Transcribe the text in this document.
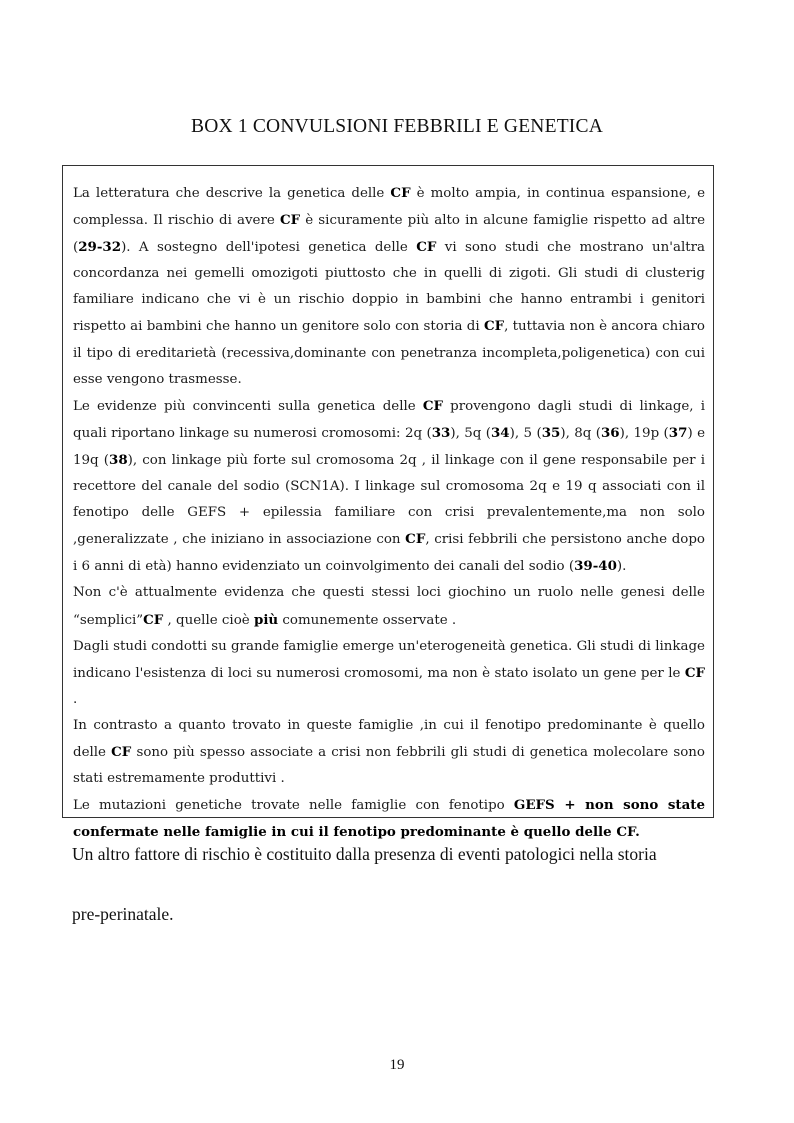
BOX 1 CONVULSIONI FEBBRILI E GENETICA

La letteratura che descrive la genetica delle CF è molto ampia, in continua espansione, e complessa. Il rischio di avere CF è sicuramente più alto in alcune famiglie rispetto ad altre (29-32). A sostegno dell'ipotesi genetica delle CF vi sono studi che mostrano un'altra concordanza nei gemelli omozigoti piuttosto che in quelli di zigoti. Gli studi di clusterig familiare indicano che vi è un rischio doppio in bambini che hanno entrambi i genitori rispetto ai bambini che hanno un genitore solo con storia di CF, tuttavia non è ancora chiaro il tipo di ereditarietà (recessiva,dominante con penetranza incompleta,poligenetica) con cui esse vengono trasmesse.

Le evidenze più convincenti sulla genetica delle CF provengono dagli studi di linkage, i quali riportano linkage su numerosi cromosomi: 2q (33), 5q (34), 5 (35), 8q (36), 19p (37) e 19q (38), con linkage più forte sul cromosoma 2q , il linkage con il gene responsabile per i recettore del canale del sodio (SCN1A). I linkage sul cromosoma 2q e 19 q associati con il fenotipo delle GEFS + epilessia familiare con crisi prevalentemente,ma non solo ,generalizzate , che iniziano in associazione con CF, crisi febbrili che persistono anche dopo i 6 anni di età) hanno evidenziato un coinvolgimento dei canali del sodio (39-40).

Non c'è attualmente evidenza che questi stessi loci giochino un ruolo nelle genesi delle “semplici”CF , quelle cioè più comunemente osservate .

Dagli studi condotti su grande famiglie emerge un'eterogeneità genetica. Gli studi di linkage indicano l'esistenza di loci su numerosi cromosomi, ma non è stato isolato un gene per le CF .

In contrasto a quanto trovato in queste famiglie ,in cui il fenotipo predominante è quello delle CF sono più spesso associate a crisi non febbrili gli studi di genetica molecolare sono stati estremamente produttivi .

Le mutazioni genetiche trovate nelle famiglie con fenotipo GEFS + non sono state confermate nelle famiglie in cui il fenotipo predominante è quello delle CF.

Un altro fattore di rischio è costituito dalla presenza di eventi patologici nella storia
pre-perinatale.
19
